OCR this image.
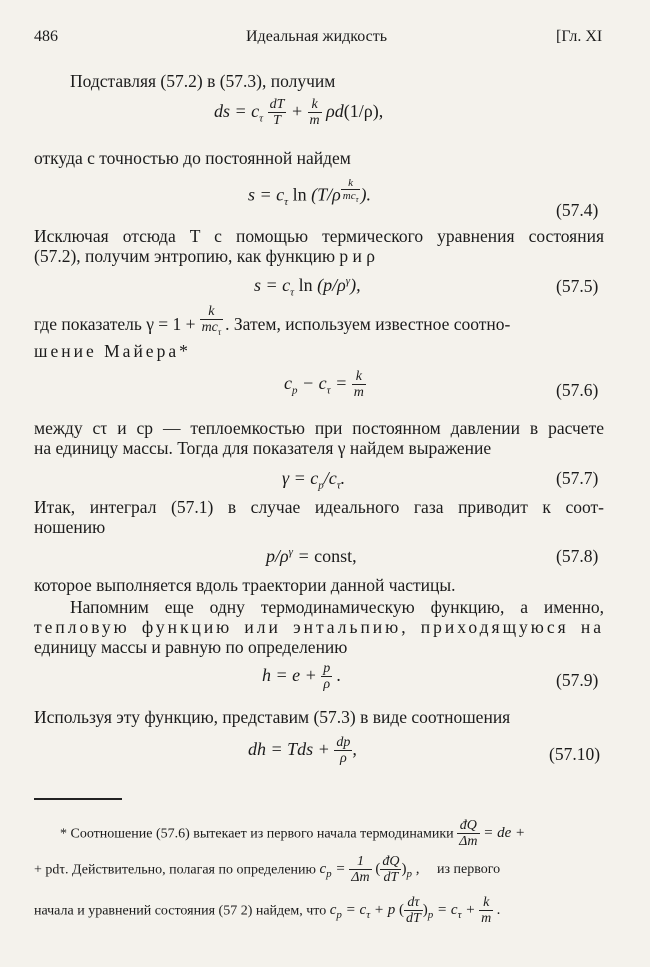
486	Идеальная жидкость	[Гл. XI
Подставляя (57.2) в (57.3), получим
ds = $c_\tau \frac{dT}{T} + \frac{k}{m} \rho d(1/\rho)$,
откуда с точностью до постоянной найдем
$s = c_\tau$ ln (T/ρ $^{\frac{k}{mc_\tau}}$ ).
(57.4)
Исключая отсюда T с помощью термического уравнения состояния
(57.2), получим энтропию, как функцию p и ρ
$s = c_\tau$ $\ln (p/\rho^\gamma)$,	(57.5)
где показатель $\gamma = 1 + \frac{k}{mc_\tau}$ . Затем, используем известное соотно-
шение Майера*
$c_p - c_\tau = \frac{k}{m}$	(57.6)
между cτ и cp — теплоемкостью при постоянном давлении в расчете
на единицу массы. Тогда для показателя γ найдем выражение
$\gamma = c_p/c_\tau$.	(57.7)
Итак, интеграл (57.1) в случае идеального газа приводит к соот-
ношению
$p/\rho^\gamma$ = const,	(57.8)
которое выполняется вдоль траектории данной частицы.
Напомним еще одну термодинамическую функцию, а именно,
тепловую функцию или энтальпию, приходящуюся на
единицу массы и равную по определению
$h = e + \frac{p}{\rho}$ .	(57.9)
Используя эту функцию, представим (57.3) в виде соотношения
dh = Tds + $\frac{dp}{\rho}$ ,	(57.10)
* Соотношение (57.6) вытекает из первого начала термодинамики $\frac{đQ}{\Delta m}$ = de +
+ pdτ. Действительно, полагая по определению $c_p = \frac{1}{\Delta m}$ ( $\frac{đQ}{dT} )_p$ , из первого
начала и уравнений состояния (57 2) найдем, что $c_p = c_\tau + p$ ( $\frac{d\tau}{dT} )_p = c_\tau + \frac{k}{m}$ .
